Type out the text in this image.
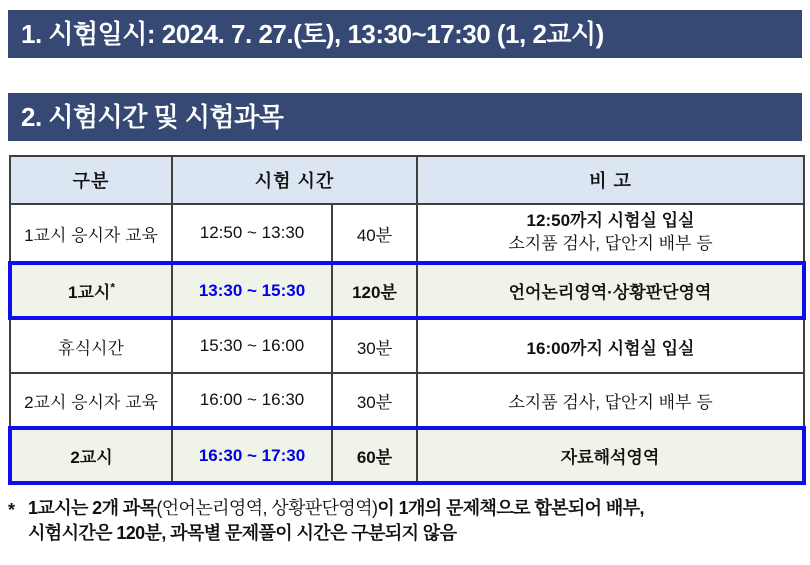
1. 시험일시: 2024. 7. 27.(토), 13:30~17:30 (1, 2교시)
2. 시험시간 및 시험과목
구분	시험 시간		비 고
1교시 응시자 교육	12:50 ~ 13:30	40분	12:50까지 시험실 입실
소지품 검사, 답안지 배부 등

1교시*	13:30 ~ 15:30	120분	언어논리영역·상황판단영역
휴식시간	15:30 ~ 16:00	30분	16:00까지 시험실 입실
2교시 응시자 교육	16:00 ~ 16:30	30분	소지품 검사, 답안지 배부 등
2교시	16:30 ~ 17:30	60분	자료해석영역
* 1교시는 2개 과목(언어논리영역, 상황판단영역)이 1개의 문제책으로 합본되어 배부,
시험시간은 120분, 과목별 문제풀이 시간은 구분되지 않음
